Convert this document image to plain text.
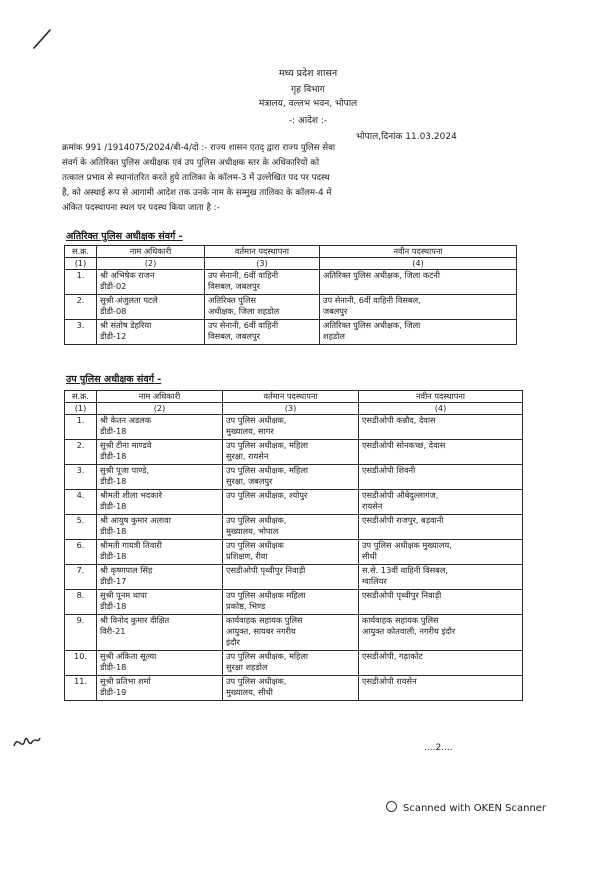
मध्य प्रदेश शासन
गृह विभाग
मंत्रालय, वल्लभ भवन, भोपाल
-: आदेश :-
भोपाल,दिनांक 11.03.2024
क्रमांक 991 /1914075/2024/बी-4/दो :- राज्य शासन एतद् द्वारा राज्य पुलिस सेवा
संवर्ग के अतिरिक्त पुलिस अधीक्षक एवं उप पुलिस अधीक्षक स्तर के अधिकारियों को
तत्काल प्रभाव से स्थानांतरित करते हुये तालिका के कॉलम-3 में उल्लेखित पद पर पदस्थ
है, को अस्थाई रूप से आगामी आदेश तक उनके नाम के सम्मुख तालिका के कॉलम-4 में
अंकित पदस्थापना स्थल पर पदस्थ किया जाता है :-
अतिरिक्त पुलिस अधीक्षक संवर्ग -
स.क्र.	नाम अधिकारी	वर्तमान पदस्थापना	नवीन पदस्थापना
(1)	(2)	(3)	(4)
1.	श्री अभिषेक राजन
डीडी-02	उप सेनानी, 6वीं वाहिनी
विसबल, जबलपुर	अतिरिक्त पुलिस अधीक्षक, जिला कटनी

2.	सुश्री अंजुलता पटले
डीडी-08	अतिरिक्त पुलिस
अधीक्षक, जिला शहडोल	उप सेनानी, 6वीं वाहिनी विसबल,
जबलपुर

3.	श्री संतोष डेहरिया
डीडी-12	उप सेनानी, 6वीं वाहिनी
विसबल, जबलपुर	अतिरिक्त पुलिस अधीक्षक, जिला
शहडोल
उप पुलिस अधीक्षक संवर्ग -
स.क्र.	नाम अधिकारी	वर्तमान पदस्थापना	नवीन पदस्थापना
(1)	(2)	(3)	(4)
1.	श्री केतन अडलक
डीडी-18	उप पुलिस अधीक्षक,
मुख्यालय, सागर	एसडीओपी कन्नौद, देवास

2.	सुश्री टीना माण्डवे
डीडी-18	उप पुलिस अधीक्षक, महिला
सुरक्षा, रायसेन	एसडीओपी सोनकच्छ, देवास

3.	सुश्री पूजा पाण्डे,
डीडी-18	उप पुलिस अधीक्षक, महिला
सुरक्षा, जबलपुर	एसडीओपी शिवनी

4.	श्रीमती शीला भदकारे
डीडी-18	उप पुलिस अधीक्षक, श्योपुर	एसडीओपी औबेदुल्लागंज,
रायसेन

5.	श्री आयुष कुमार अलावा
डीडी-18	उप पुलिस अधीक्षक,
मुख्यालय, भोपाल	एसडीओपी राजपुर, बड़वानी

6.	श्रीमती गायत्री तिवारी
डीडी-18	उप पुलिस अधीक्षक
प्रशिक्षण, रीवा	उप पुलिस अधीक्षक मुख्यालय,
सीधी

7.	श्री कृष्णपाल सिंह
डीडी-17	एसडीओपी पृथ्वीपुर निवाड़ी	स.से. 13वीं वाहिनी विसबल,
ग्वालियर

8.	सुश्री पूनम थापा
डीडी-18	उप पुलिस अधीक्षक महिला
प्रकोष्ठ, भिण्ड	एसडीओपी पृथ्वीपुर निवाड़ी

9.	श्री विनोद कुमार दीक्षित
विरी-21	कार्यवाहक सहायक पुलिस
आयुक्त, सायबर नगरीय
इंदौर	कार्यवाहक सहायक पुलिस
आयुक्त कोतवाली, नगरीय इंदौर

10.	सुश्री अंकिता सूल्या
डीडी-18	उप पुलिस अधीक्षक, महिला
सुरक्षा शहडोल	एसडीओपी, गढ़ाकोट

11.	सुश्री प्रतिभा शर्मा
डीडी-19	उप पुलिस अधीक्षक,
मुख्यालय, सीधी	एसडीओपी रायसेन
....2....
Scanned with OKEN Scanner
